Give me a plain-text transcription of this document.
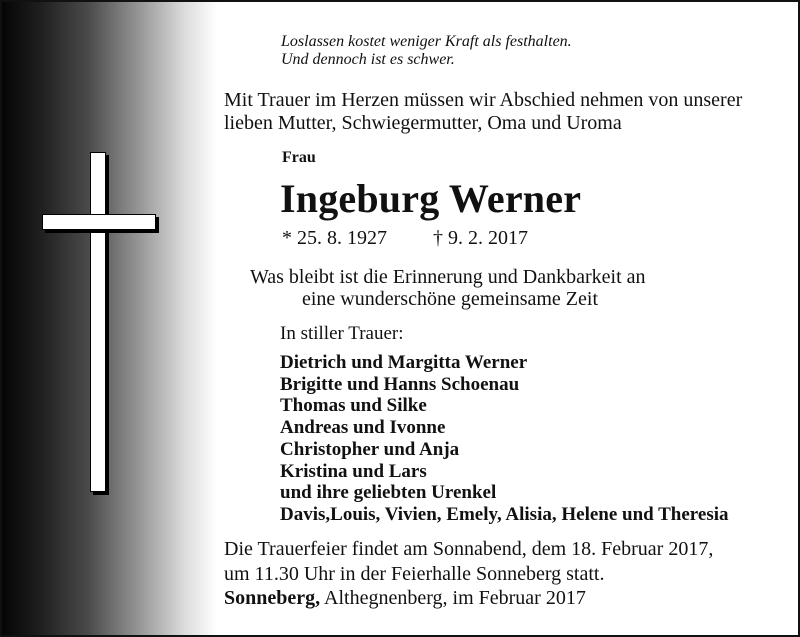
Loslassen kostet weniger Kraft als festhalten.
Und dennoch ist es schwer.
Mit Trauer im Herzen müssen wir Abschied nehmen von unserer
lieben Mutter, Schwiegermutter, Oma und Uroma
Frau
Ingeburg Werner
* 25. 8. 1927 † 9. 2. 2017
Was bleibt ist die Erinnerung und Dankbarkeit an
eine wunderschöne gemeinsame Zeit
In stiller Trauer:
Dietrich und Margitta Werner
Brigitte und Hanns Schoenau
Thomas und Silke
Andreas und Ivonne
Christopher und Anja
Kristina und Lars
und ihre geliebten Urenkel
Davis,Louis, Vivien, Emely, Alisia, Helene und Theresia
Die Trauerfeier findet am Sonnabend, dem 18. Februar 2017,
um 11.30 Uhr in der Feierhalle Sonneberg statt.
Sonneberg, Althegnenberg, im Februar 2017
